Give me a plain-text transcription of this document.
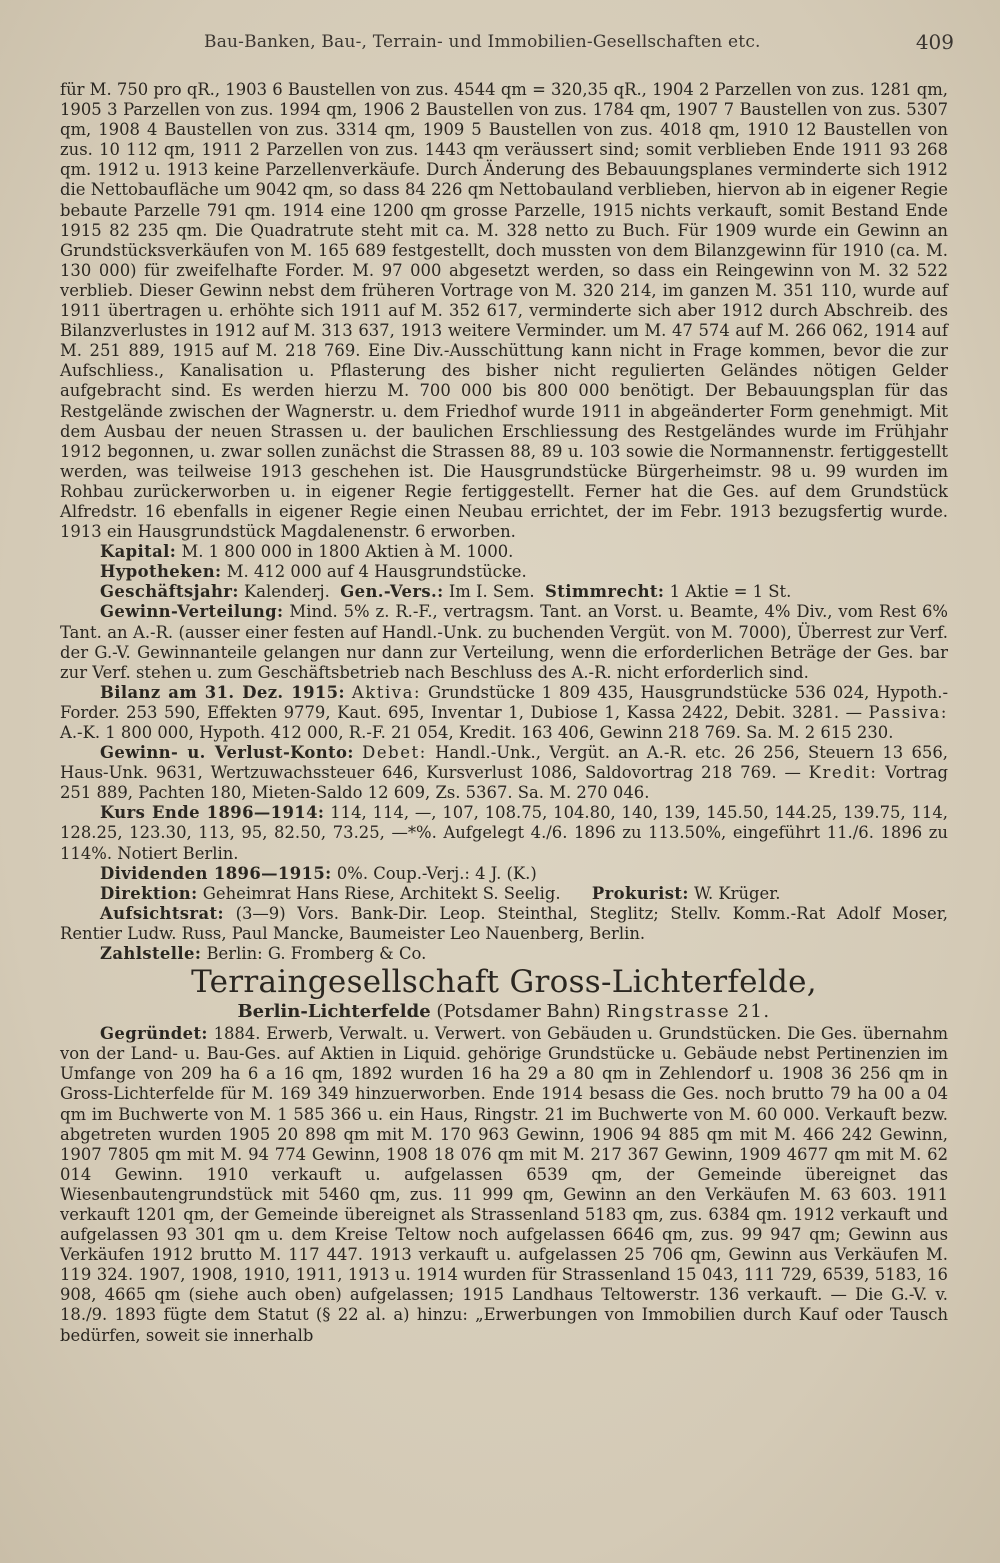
Bau-Banken, Bau-, Terrain- und Immobilien-Gesellschaften etc.	409

für M. 750 pro qR., 1903 6 Baustellen von zus. 4544 qm = 320,35 qR., 1904 2 Parzellen von zus. 1281 qm, 1905 3 Parzellen von zus. 1994 qm, 1906 2 Baustellen von zus. 1784 qm, 1907 7 Baustellen von zus. 5307 qm, 1908 4 Baustellen von zus. 3314 qm, 1909 5 Baustellen von zus. 4018 qm, 1910 12 Baustellen von zus. 10 112 qm, 1911 2 Parzellen von zus. 1443 qm veräussert sind; somit verblieben Ende 1911 93 268 qm. 1912 u. 1913 keine Parzellenverkäufe. Durch Änderung des Bebauungsplanes verminderte sich 1912 die Nettobaufläche um 9042 qm, so dass 84 226 qm Nettobauland verblieben, hiervon ab in eigener Regie bebaute Parzelle 791 qm. 1914 eine 1200 qm grosse Parzelle, 1915 nichts verkauft, somit Bestand Ende 1915 82 235 qm. Die Quadratrute steht mit ca. M. 328 netto zu Buch. Für 1909 wurde ein Gewinn an Grundstücksverkäufen von M. 165 689 festgestellt, doch mussten von dem Bilanzgewinn für 1910 (ca. M. 130 000) für zweifelhafte Forder. M. 97 000 abgesetzt werden, so dass ein Reingewinn von M. 32 522 verblieb. Dieser Gewinn nebst dem früheren Vortrage von M. 320 214, im ganzen M. 351 110, wurde auf 1911 übertragen u. erhöhte sich 1911 auf M. 352 617, verminderte sich aber 1912 durch Abschreib. des Bilanzverlustes in 1912 auf M. 313 637, 1913 weitere Verminder. um M. 47 574 auf M. 266 062, 1914 auf M. 251 889, 1915 auf M. 218 769. Eine Div.-Ausschüttung kann nicht in Frage kommen, bevor die zur Aufschliess., Kanalisation u. Pflasterung des bisher nicht regulierten Geländes nötigen Gelder aufgebracht sind. Es werden hierzu M. 700 000 bis 800 000 benötigt. Der Bebauungsplan für das Restgelände zwischen der Wagnerstr. u. dem Friedhof wurde 1911 in abgeänderter Form genehmigt. Mit dem Ausbau der neuen Strassen u. der baulichen Erschliessung des Restgeländes wurde im Frühjahr 1912 begonnen, u. zwar sollen zunächst die Strassen 88, 89 u. 103 sowie die Normannenstr. fertiggestellt werden, was teilweise 1913 geschehen ist. Die Hausgrundstücke Bürgerheimstr. 98 u. 99 wurden im Rohbau zurückerworben u. in eigener Regie fertiggestellt. Ferner hat die Ges. auf dem Grundstück Alfredstr. 16 ebenfalls in eigener Regie einen Neubau errichtet, der im Febr. 1913 bezugsfertig wurde. 1913 ein Hausgrundstück Magdalenenstr. 6 erworben.

Kapital: M. 1 800 000 in 1800 Aktien à M. 1000.

Hypotheken: M. 412 000 auf 4 Hausgrundstücke.

Geschäftsjahr: Kalenderj. Gen.-Vers.: Im I. Sem. Stimmrecht: 1 Aktie = 1 St.

Gewinn-Verteilung: Mind. 5% z. R.-F., vertragsm. Tant. an Vorst. u. Beamte, 4% Div., vom Rest 6% Tant. an A.-R. (ausser einer festen auf Handl.-Unk. zu buchenden Vergüt. von M. 7000), Überrest zur Verf. der G.-V. Gewinnanteile gelangen nur dann zur Verteilung, wenn die erforderlichen Beträge der Ges. bar zur Verf. stehen u. zum Geschäftsbetrieb nach Beschluss des A.-R. nicht erforderlich sind.

Bilanz am 31. Dez. 1915: Aktiva: Grundstücke 1 809 435, Hausgrundstücke 536 024, Hypoth.-Forder. 253 590, Effekten 9779, Kaut. 695, Inventar 1, Dubiose 1, Kassa 2422, Debit. 3281. — Passiva: A.-K. 1 800 000, Hypoth. 412 000, R.-F. 21 054, Kredit. 163 406, Gewinn 218 769. Sa. M. 2 615 230.

Gewinn- u. Verlust-Konto: Debet: Handl.-Unk., Vergüt. an A.-R. etc. 26 256, Steuern 13 656, Haus-Unk. 9631, Wertzuwachssteuer 646, Kursverlust 1086, Saldovortrag 218 769. — Kredit: Vortrag 251 889, Pachten 180, Mieten-Saldo 12 609, Zs. 5367. Sa. M. 270 046.

Kurs Ende 1896—1914: 114, 114, —, 107, 108.75, 104.80, 140, 139, 145.50, 144.25, 139.75, 114, 128.25, 123.30, 113, 95, 82.50, 73.25, —*%. Aufgelegt 4./6. 1896 zu 113.50%, eingeführt 11./6. 1896 zu 114%. Notiert Berlin.

Dividenden 1896—1915: 0%. Coup.-Verj.: 4 J. (K.)

Direktion: Geheimrat Hans Riese, Architekt S. Seelig. Prokurist: W. Krüger.

Aufsichtsrat: (3—9) Vors. Bank-Dir. Leop. Steinthal, Steglitz; Stellv. Komm.-Rat Adolf Moser, Rentier Ludw. Russ, Paul Mancke, Baumeister Leo Nauenberg, Berlin.

Zahlstelle: Berlin: G. Fromberg & Co.

Terraingesellschaft Gross-Lichterfelde,

Berlin-Lichterfelde (Potsdamer Bahn) Ringstrasse 21.

Gegründet: 1884. Erwerb, Verwalt. u. Verwert. von Gebäuden u. Grundstücken. Die Ges. übernahm von der Land- u. Bau-Ges. auf Aktien in Liquid. gehörige Grundstücke u. Gebäude nebst Pertinenzien im Umfange von 209 ha 6 a 16 qm, 1892 wurden 16 ha 29 a 80 qm in Zehlendorf u. 1908 36 256 qm in Gross-Lichterfelde für M. 169 349 hinzuerworben. Ende 1914 besass die Ges. noch brutto 79 ha 00 a 04 qm im Buchwerte von M. 1 585 366 u. ein Haus, Ringstr. 21 im Buchwerte von M. 60 000. Verkauft bezw. abgetreten wurden 1905 20 898 qm mit M. 170 963 Gewinn, 1906 94 885 qm mit M. 466 242 Gewinn, 1907 7805 qm mit M. 94 774 Gewinn, 1908 18 076 qm mit M. 217 367 Gewinn, 1909 4677 qm mit M. 62 014 Gewinn. 1910 verkauft u. aufgelassen 6539 qm, der Gemeinde übereignet das Wiesenbautengrundstück mit 5460 qm, zus. 11 999 qm, Gewinn an den Verkäufen M. 63 603. 1911 verkauft 1201 qm, der Gemeinde übereignet als Strassenland 5183 qm, zus. 6384 qm. 1912 verkauft und aufgelassen 93 301 qm u. dem Kreise Teltow noch aufgelassen 6646 qm, zus. 99 947 qm; Gewinn aus Verkäufen 1912 brutto M. 117 447. 1913 verkauft u. aufgelassen 25 706 qm, Gewinn aus Verkäufen M. 119 324. 1907, 1908, 1910, 1911, 1913 u. 1914 wurden für Strassenland 15 043, 111 729, 6539, 5183, 16 908, 4665 qm (siehe auch oben) aufgelassen; 1915 Landhaus Teltowerstr. 136 verkauft. — Die G.-V. v. 18./9. 1893 fügte dem Statut (§ 22 al. a) hinzu: „Erwerbungen von Immobilien durch Kauf oder Tausch bedürfen, soweit sie innerhalb
